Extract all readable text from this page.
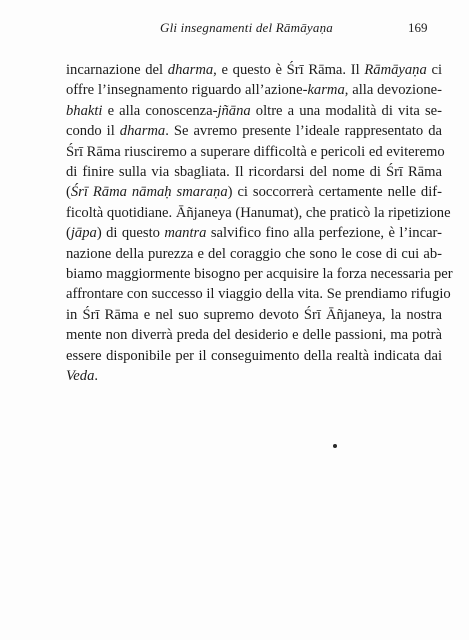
Gli insegnamenti del Rāmāyaṇa	169
incarnazione del dharma, e questo è Śrī Rāma. Il Rāmāyaṇa ci
offre l’insegnamento riguardo all’azione-karma, alla devozione-
bhakti e alla conoscenza-jñāna oltre a una modalità di vita se-
condo il dharma. Se avremo presente l’ideale rappresentato da
Śrī Rāma riusciremo a superare difficoltà e pericoli ed eviteremo
di finire sulla via sbagliata. Il ricordarsi del nome di Śrī Rāma
(Śrī Rāma nāmaḥ smaraṇa) ci soccorrerà certamente nelle dif-
ficoltà quotidiane. Āñjaneya (Hanumat), che praticò la ripetizione
(jāpa) di questo mantra salvifico fino alla perfezione, è l’incar-
nazione della purezza e del coraggio che sono le cose di cui ab-
biamo maggiormente bisogno per acquisire la forza necessaria per
affrontare con successo il viaggio della vita. Se prendiamo rifugio
in Śrī Rāma e nel suo supremo devoto Śrī Āñjaneya, la nostra
mente non diverrà preda del desiderio e delle passioni, ma potrà
essere disponibile per il conseguimento della realtà indicata dai
Veda.
